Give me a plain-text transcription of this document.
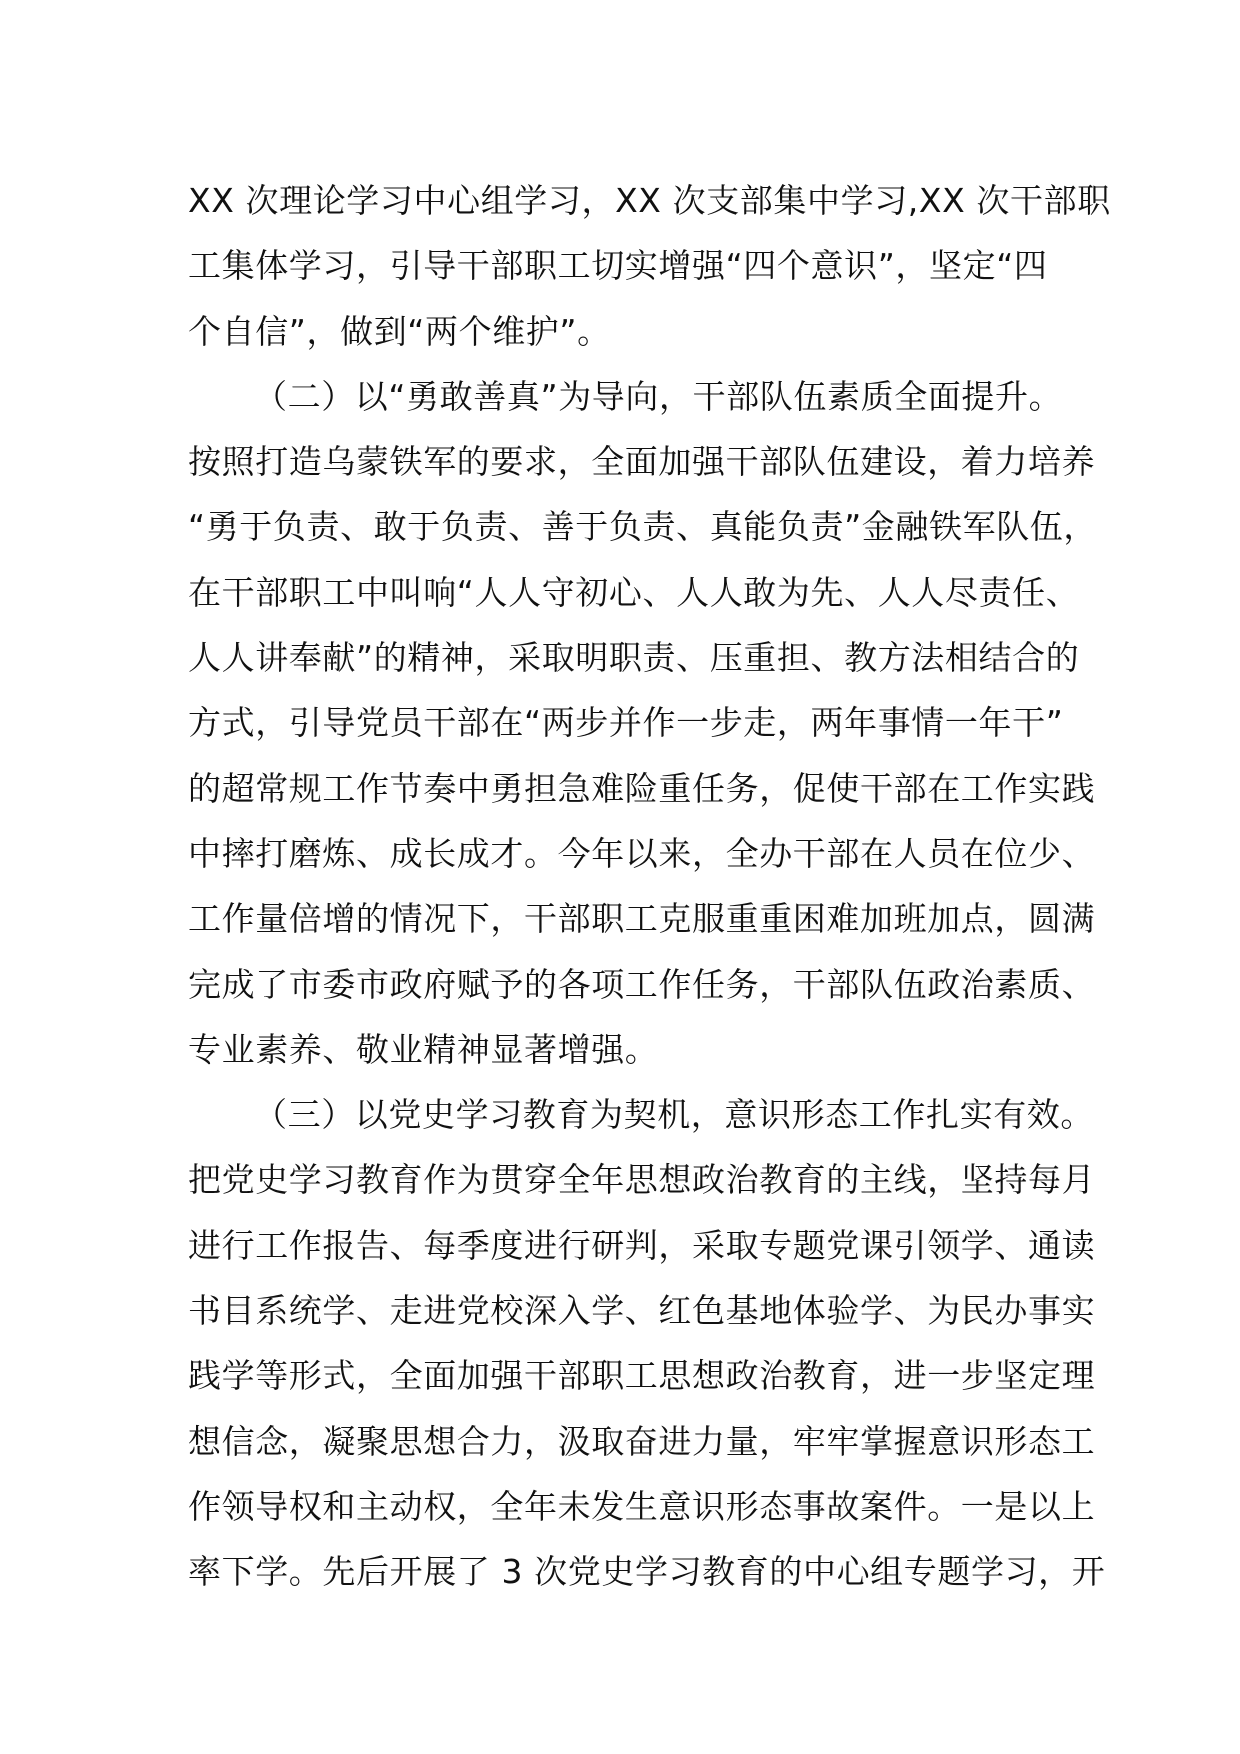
XX 次理论学习中心组学习，XX 次支部集中学习,XX 次干部职
工集体学习，引导干部职工切实增强“四个意识”，坚定“四
个自信”，做到“两个维护”。
（二）以“勇敢善真”为导向，干部队伍素质全面提升。
按照打造乌蒙铁军的要求，全面加强干部队伍建设，着力培养
“勇于负责、敢于负责、善于负责、真能负责”金融铁军队伍，
在干部职工中叫响“人人守初心、人人敢为先、人人尽责任、
人人讲奉献”的精神，采取明职责、压重担、教方法相结合的
方式，引导党员干部在“两步并作一步走，两年事情一年干”
的超常规工作节奏中勇担急难险重任务，促使干部在工作实践
中摔打磨炼、成长成才。今年以来，全办干部在人员在位少、
工作量倍增的情况下，干部职工克服重重困难加班加点，圆满
完成了市委市政府赋予的各项工作任务，干部队伍政治素质、
专业素养、敬业精神显著增强。
（三）以党史学习教育为契机，意识形态工作扎实有效。
把党史学习教育作为贯穿全年思想政治教育的主线，坚持每月
进行工作报告、每季度进行研判，采取专题党课引领学、通读
书目系统学、走进党校深入学、红色基地体验学、为民办事实
践学等形式，全面加强干部职工思想政治教育，进一步坚定理
想信念，凝聚思想合力，汲取奋进力量，牢牢掌握意识形态工
作领导权和主动权，全年未发生意识形态事故案件。一是以上
率下学。先后开展了 3 次党史学习教育的中心组专题学习，开
